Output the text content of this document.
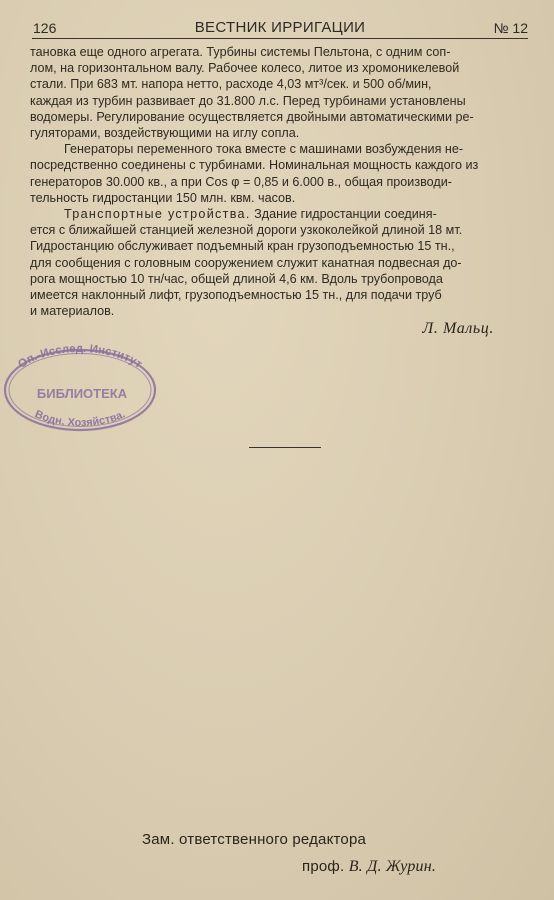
126	ВЕСТНИК ИРРИГАЦИИ	№ 12

тановка еще одного агрегата. Турбины системы Пельтона, с одним соп-
лом, на горизонтальном валу. Рабочее колесо, литое из хромоникелевой
стали. При 683 мт. напора нетто, расходе 4,03 мт³/сек. и 500 об/мин,
каждая из турбин развивает до 31.800 л.с. Перед турбинами установлены
водомеры. Регулирование осуществляется двойными автоматическими ре-
гуляторами, воздействующими на иглу сопла.

Генераторы переменного тока вместе с машинами возбуждения не-
посредственно соединены с турбинами. Номинальная мощность каждого из
генераторов 30.000 кв., а при Cos φ = 0,85 и 6.000 в., общая производи-
тельность гидростанции 150 млн. квм. часов.

Транспортные устройства. Здание гидростанции соединя-
ется с ближайшей станцией железной дороги узкоколейкой длиной 18 мт.
Гидростанцию обслуживает подъемный кран грузоподъемностью 15 тн.,
для сообщения с головным сооружением служит канатная подвесная до-
рога мощностью 10 тн/час, общей длиной 4,6 км. Вдоль трубопровода
имеется наклонный лифт, грузоподъемностью 15 тн., для подачи труб
и материалов.

Л. Мальц.
Оп.-Исслед. Институт
БИБЛИОТЕКА
Водн. Хозяйства.
Зам. ответственного редактора
проф. В. Д. Журин.
